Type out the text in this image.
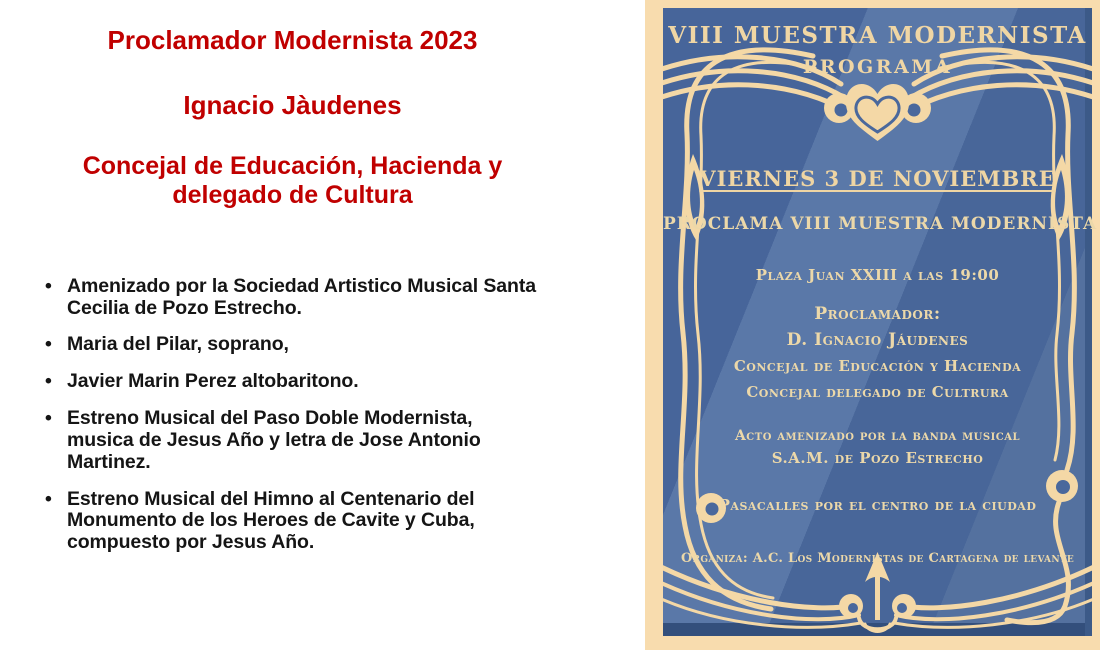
Proclamador Modernista 2023
Ignacio Jàudenes
Concejal de Educación, Hacienda y delegado de Cultura
•
Amenizado por la Sociedad Artistico Musical Santa Cecilia de Pozo Estrecho.
•
Maria del Pilar, soprano,
•
Javier Marin Perez altobaritono.
•
Estreno Musical del Paso Doble Modernista, musica de Jesus Año y letra de Jose Antonio Martinez.
•
Estreno Musical del Himno al Centenario del Monumento de los Heroes de Cavite y Cuba, compuesto por Jesus Año.
VIII MUESTRA MODERNISTA
PROGRAMA
VIERNES 3 DE NOVIEMBRE
PROCLAMA VIII MUESTRA MODERNISTA
Plaza Juan XXIII a las 19:00
Proclamador:
D. Ignacio Jáudenes
Concejal de Educación y Hacienda
Concejal delegado de Cultrura
Acto amenizado por la banda musical
S.A.M. de Pozo Estrecho
Pasacalles por el centro de la ciudad
Organiza: A.C. Los Modernistas de Cartagena de levante
